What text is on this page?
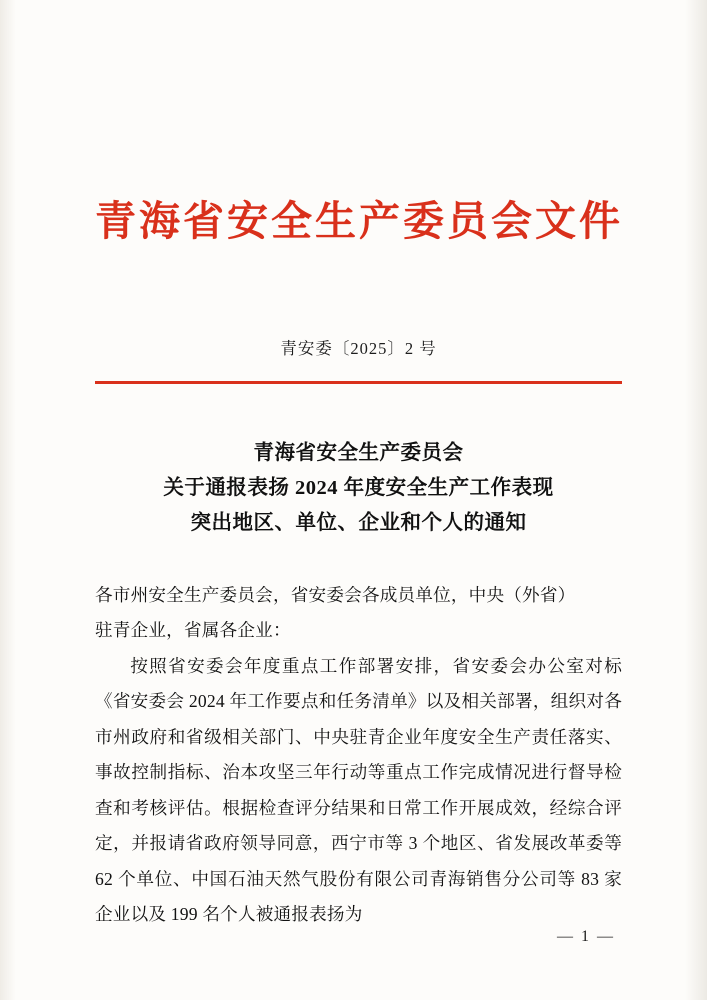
青海省安全生产委员会文件
青安委〔2025〕2 号
青海省安全生产委员会
关于通报表扬 2024 年度安全生产工作表现
突出地区、单位、企业和个人的通知
各市州安全生产委员会，省安委会各成员单位，中央（外省）
驻青企业，省属各企业：
按照省安委会年度重点工作部署安排，省安委会办公室对标《省安委会 2024 年工作要点和任务清单》以及相关部署，组织对各市州政府和省级相关部门、中央驻青企业年度安全生产责任落实、事故控制指标、治本攻坚三年行动等重点工作完成情况进行督导检查和考核评估。根据检查评分结果和日常工作开展成效，经综合评定，并报请省政府领导同意，西宁市等 3 个地区、省发展改革委等 62 个单位、中国石油天然气股份有限公司青海销售分公司等 83 家企业以及 199 名个人被通报表扬为
— 1 —
